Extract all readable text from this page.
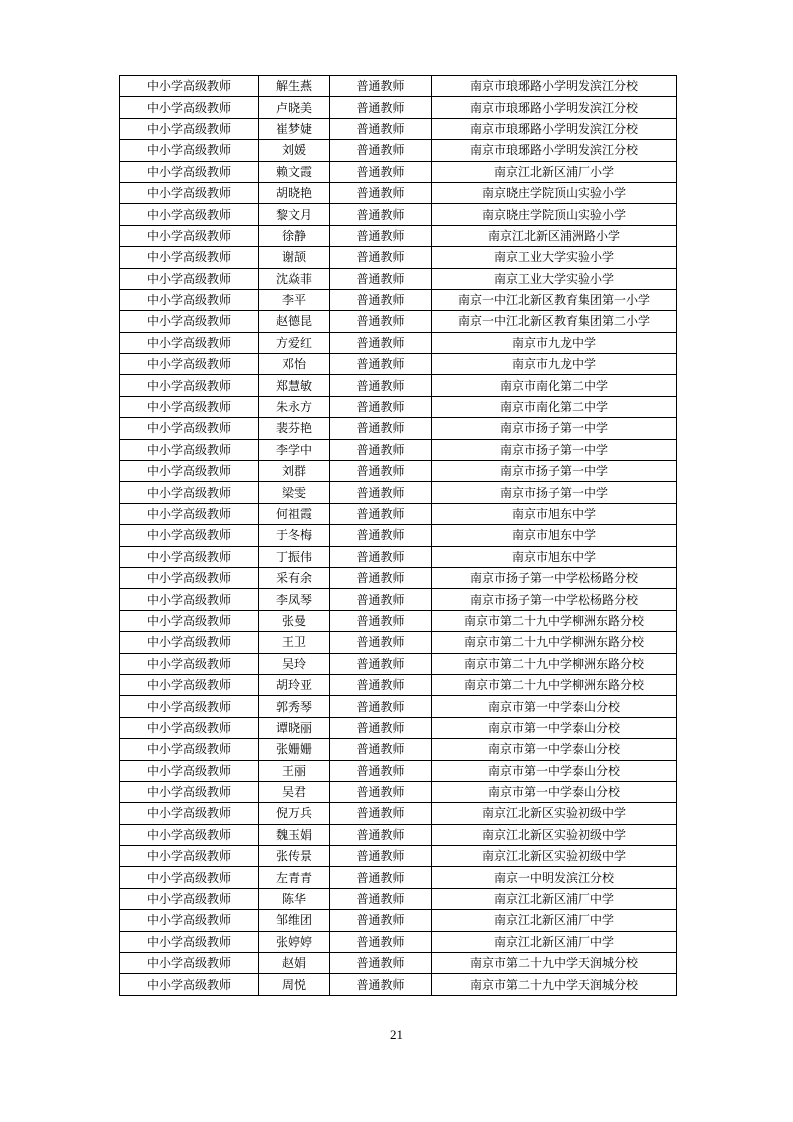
中小学高级教师	解生燕	普通教师	南京市琅琊路小学明发滨江分校
中小学高级教师	卢晓美	普通教师	南京市琅琊路小学明发滨江分校
中小学高级教师	崔梦婕	普通教师	南京市琅琊路小学明发滨江分校
中小学高级教师	刘媛	普通教师	南京市琅琊路小学明发滨江分校
中小学高级教师	赖文霞	普通教师	南京江北新区浦厂小学
中小学高级教师	胡晓艳	普通教师	南京晓庄学院顶山实验小学
中小学高级教师	黎文月	普通教师	南京晓庄学院顶山实验小学
中小学高级教师	徐静	普通教师	南京江北新区浦洲路小学
中小学高级教师	谢颉	普通教师	南京工业大学实验小学
中小学高级教师	沈焱菲	普通教师	南京工业大学实验小学
中小学高级教师	李平	普通教师	南京一中江北新区教育集团第一小学
中小学高级教师	赵德昆	普通教师	南京一中江北新区教育集团第二小学
中小学高级教师	方爱红	普通教师	南京市九龙中学
中小学高级教师	邓怡	普通教师	南京市九龙中学
中小学高级教师	郑慧敏	普通教师	南京市南化第二中学
中小学高级教师	朱永方	普通教师	南京市南化第二中学
中小学高级教师	裴芬艳	普通教师	南京市扬子第一中学
中小学高级教师	李学中	普通教师	南京市扬子第一中学
中小学高级教师	刘群	普通教师	南京市扬子第一中学
中小学高级教师	梁雯	普通教师	南京市扬子第一中学
中小学高级教师	何祖霞	普通教师	南京市旭东中学
中小学高级教师	于冬梅	普通教师	南京市旭东中学
中小学高级教师	丁振伟	普通教师	南京市旭东中学
中小学高级教师	采有余	普通教师	南京市扬子第一中学松杨路分校
中小学高级教师	李凤琴	普通教师	南京市扬子第一中学松杨路分校
中小学高级教师	张曼	普通教师	南京市第二十九中学柳洲东路分校
中小学高级教师	王卫	普通教师	南京市第二十九中学柳洲东路分校
中小学高级教师	吴玲	普通教师	南京市第二十九中学柳洲东路分校
中小学高级教师	胡玲亚	普通教师	南京市第二十九中学柳洲东路分校
中小学高级教师	郭秀琴	普通教师	南京市第一中学泰山分校
中小学高级教师	谭晓丽	普通教师	南京市第一中学泰山分校
中小学高级教师	张姗姗	普通教师	南京市第一中学泰山分校
中小学高级教师	王丽	普通教师	南京市第一中学泰山分校
中小学高级教师	吴君	普通教师	南京市第一中学泰山分校
中小学高级教师	倪万兵	普通教师	南京江北新区实验初级中学
中小学高级教师	魏玉娟	普通教师	南京江北新区实验初级中学
中小学高级教师	张传景	普通教师	南京江北新区实验初级中学
中小学高级教师	左青青	普通教师	南京一中明发滨江分校
中小学高级教师	陈华	普通教师	南京江北新区浦厂中学
中小学高级教师	邹维团	普通教师	南京江北新区浦厂中学
中小学高级教师	张婷婷	普通教师	南京江北新区浦厂中学
中小学高级教师	赵娟	普通教师	南京市第二十九中学天润城分校
中小学高级教师	周悦	普通教师	南京市第二十九中学天润城分校
21
